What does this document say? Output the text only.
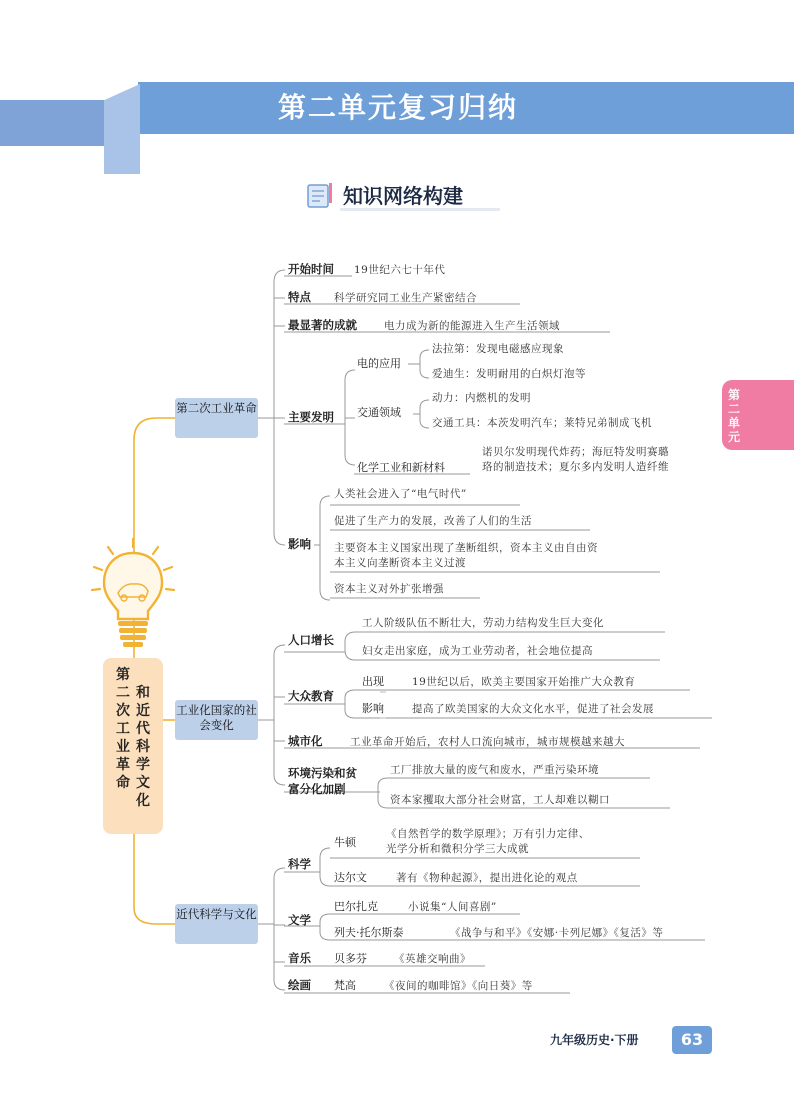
第二单元复习归纳
知识网络构建
第二单元
第二次工业革命
和近代科学文化
第二次工业革命
工业化国家的社会变化
近代科学与文化
开始时间 19世纪六七十年代
特点 科学研究同工业生产紧密结合
最显著的成就	电力成为新的能源进入生产生活领域
主要发明
电的应用
法拉第：发现电磁感应现象
爱迪生：发明耐用的白炽灯泡等
交通领域
动力：内燃机的发明
交通工具：本茨发明汽车；莱特兄弟制成飞机
化学工业和新材料
诺贝尔发明现代炸药；海厄特发明赛璐
珞的制造技术；夏尔多内发明人造纤维
影响
人类社会进入了“电气时代”
促进了生产力的发展，改善了人们的生活
主要资本主义国家出现了垄断组织，资本主义由自由资
本主义向垄断资本主义过渡
资本主义对外扩张增强
人口增长
工人阶级队伍不断壮大，劳动力结构发生巨大变化
妇女走出家庭，成为工业劳动者，社会地位提高
大众教育
出现	19世纪以后，欧美主要国家开始推广大众教育
影响	提高了欧美国家的大众文化水平，促进了社会发展
城市化	工业革命开始后，农村人口流向城市，城市规模越来越大
环境污染和贫
富分化加剧
工厂排放大量的废气和废水，严重污染环境
资本家攫取大部分社会财富，工人却难以糊口
科学
牛顿
《自然哲学的数学原理》；万有引力定律、
光学分析和微积分学三大成就
达尔文	著有《物种起源》，提出进化论的观点
文学
巴尔扎克	小说集“人间喜剧”
列夫·托尔斯泰	《战争与和平》《安娜·卡列尼娜》《复活》等
音乐 贝多芬	《英雄交响曲》
绘画 梵高	《夜间的咖啡馆》《向日葵》等
九年级历史·下册	63
